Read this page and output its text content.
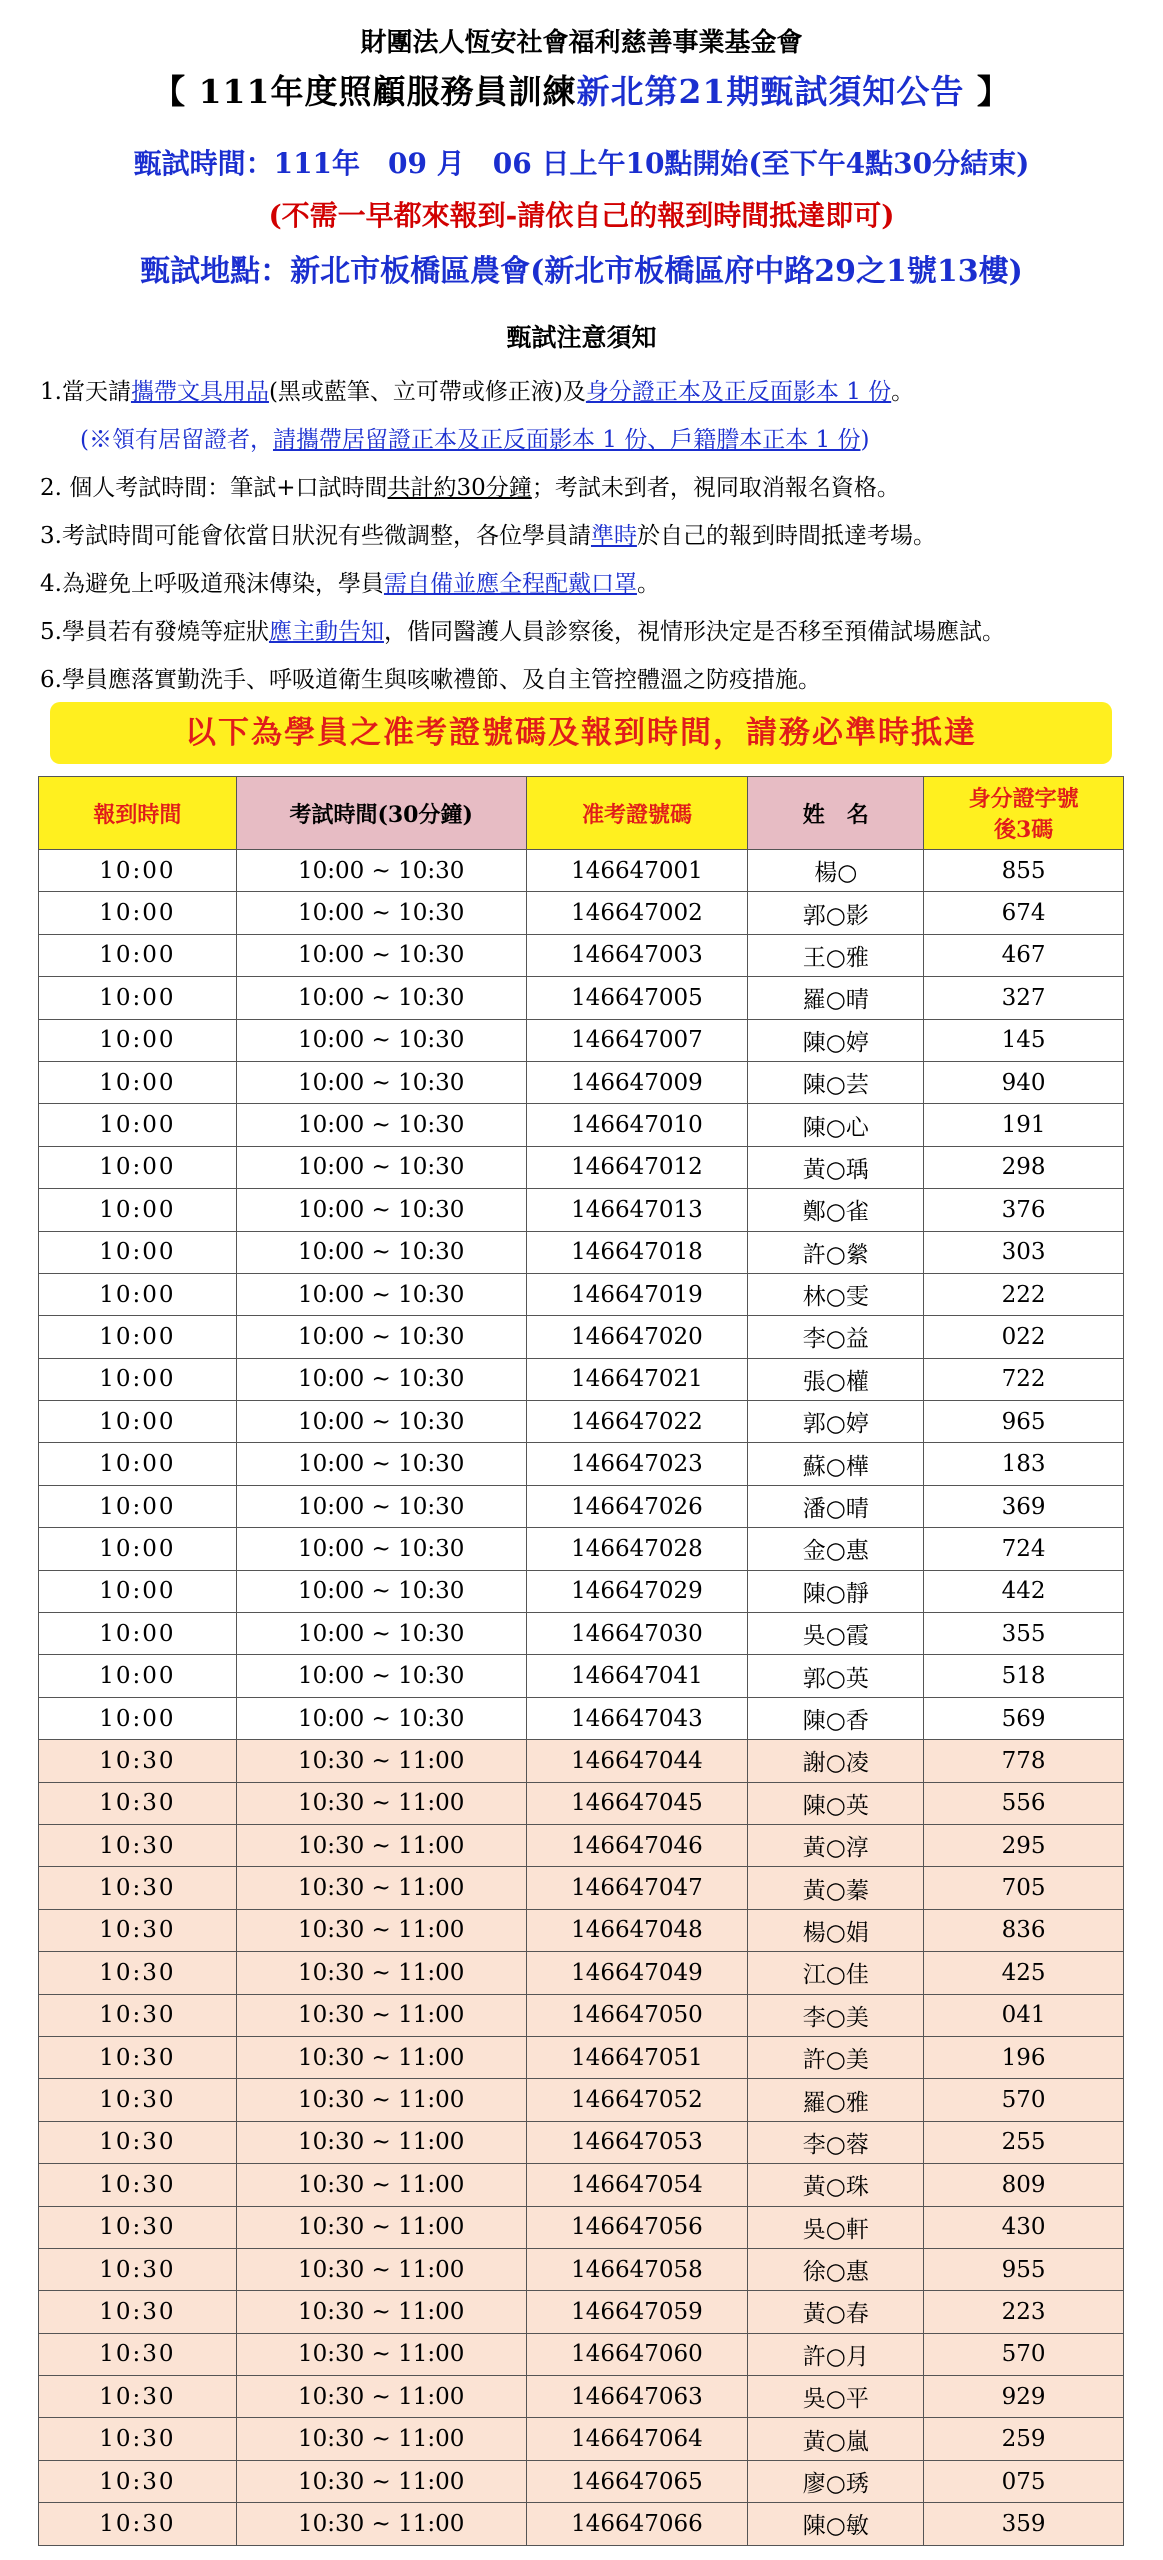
財團法人恆安社會福利慈善事業基金會
【 111年度照顧服務員訓練新北第21期甄試須知公告 】
甄試時間：111年　09 月　06 日上午10點開始(至下午4點30分結束)
(不需一早都來報到-請依自己的報到時間抵達即可)
甄試地點：新北市板橋區農會(新北市板橋區府中路29之1號13樓)
甄試注意須知
1.當天請攜帶文具用品(黑或藍筆、立可帶或修正液)及身分證正本及正反面影本 1 份。
(※領有居留證者，請攜帶居留證正本及正反面影本 1 份、戶籍謄本正本 1 份)
2. 個人考試時間：筆試+口試時間共計約30分鐘；考試未到者，視同取消報名資格。
3.考試時間可能會依當日狀況有些微調整，各位學員請準時於自己的報到時間抵達考場。
4.為避免上呼吸道飛沫傳染，學員需自備並應全程配戴口罩。
5.學員若有發燒等症狀應主動告知，偕同醫護人員診察後，視情形決定是否移至預備試場應試。
6.學員應落實勤洗手、呼吸道衛生與咳嗽禮節、及自主管控體溫之防疫措施。
以下為學員之准考證號碼及報到時間，請務必準時抵達
報到時間	考試時間(30分鐘)	准考證號碼	姓　名	身分證字號
後3碼
10:00	10:00 ~ 10:30	146647001	楊○	855
10:00	10:00 ~ 10:30	146647002	郭○影	674
10:00	10:00 ~ 10:30	146647003	王○雅	467
10:00	10:00 ~ 10:30	146647005	羅○晴	327
10:00	10:00 ~ 10:30	146647007	陳○婷	145
10:00	10:00 ~ 10:30	146647009	陳○芸	940
10:00	10:00 ~ 10:30	146647010	陳○心	191
10:00	10:00 ~ 10:30	146647012	黃○瑀	298
10:00	10:00 ~ 10:30	146647013	鄭○雀	376
10:00	10:00 ~ 10:30	146647018	許○縈	303
10:00	10:00 ~ 10:30	146647019	林○雯	222
10:00	10:00 ~ 10:30	146647020	李○益	022
10:00	10:00 ~ 10:30	146647021	張○權	722
10:00	10:00 ~ 10:30	146647022	郭○婷	965
10:00	10:00 ~ 10:30	146647023	蘇○樺	183
10:00	10:00 ~ 10:30	146647026	潘○晴	369
10:00	10:00 ~ 10:30	146647028	金○惠	724
10:00	10:00 ~ 10:30	146647029	陳○靜	442
10:00	10:00 ~ 10:30	146647030	吳○霞	355
10:00	10:00 ~ 10:30	146647041	郭○英	518
10:00	10:00 ~ 10:30	146647043	陳○香	569
10:30	10:30 ~ 11:00	146647044	謝○凌	778
10:30	10:30 ~ 11:00	146647045	陳○英	556
10:30	10:30 ~ 11:00	146647046	黃○淳	295
10:30	10:30 ~ 11:00	146647047	黃○蓁	705
10:30	10:30 ~ 11:00	146647048	楊○娟	836
10:30	10:30 ~ 11:00	146647049	江○佳	425
10:30	10:30 ~ 11:00	146647050	李○美	041
10:30	10:30 ~ 11:00	146647051	許○美	196
10:30	10:30 ~ 11:00	146647052	羅○雅	570
10:30	10:30 ~ 11:00	146647053	李○蓉	255
10:30	10:30 ~ 11:00	146647054	黃○珠	809
10:30	10:30 ~ 11:00	146647056	吳○軒	430
10:30	10:30 ~ 11:00	146647058	徐○惠	955
10:30	10:30 ~ 11:00	146647059	黃○春	223
10:30	10:30 ~ 11:00	146647060	許○月	570
10:30	10:30 ~ 11:00	146647063	吳○平	929
10:30	10:30 ~ 11:00	146647064	黃○嵐	259
10:30	10:30 ~ 11:00	146647065	廖○琇	075
10:30	10:30 ~ 11:00	146647066	陳○敏	359
